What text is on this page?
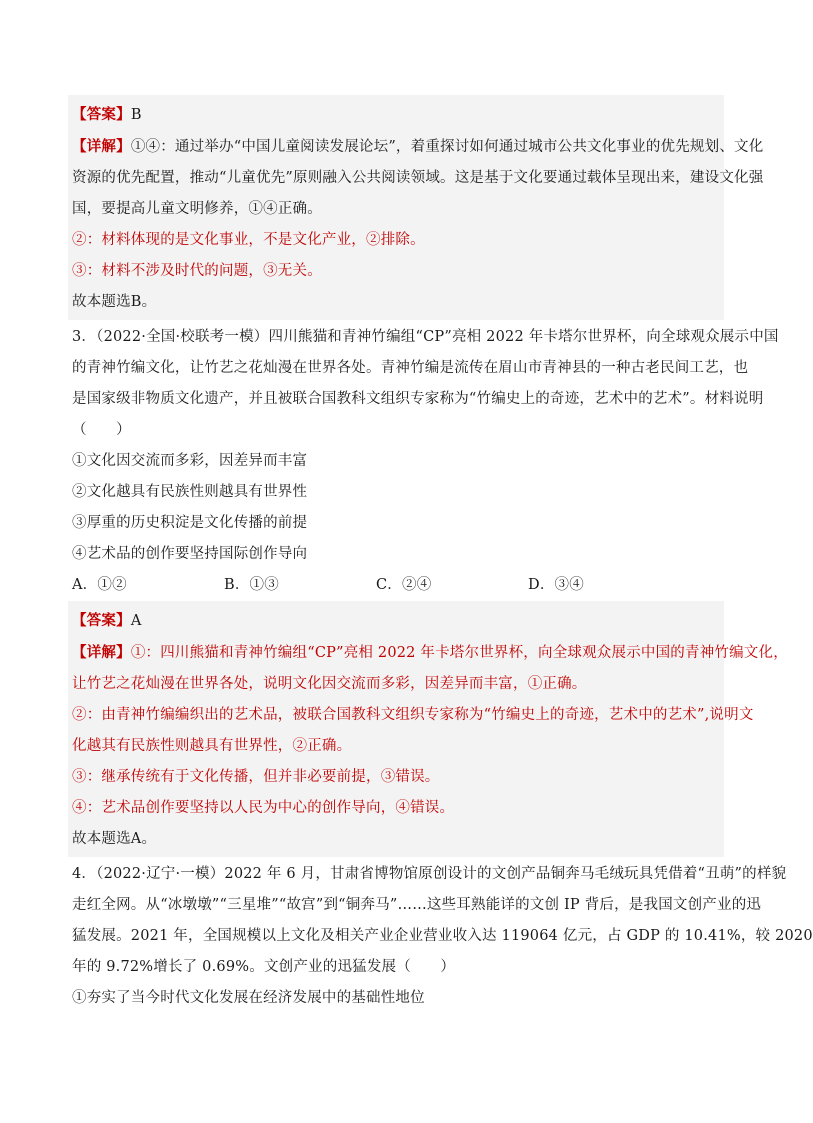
【答案】B
【详解】①④：通过举办“中国儿童阅读发展论坛”，着重探讨如何通过城市公共文化事业的优先规划、文化
资源的优先配置，推动“儿童优先”原则融入公共阅读领域。这是基于文化要通过载体呈现出来，建设文化强
国，要提高儿童文明修养，①④正确。
②：材料体现的是文化事业，不是文化产业，②排除。
③：材料不涉及时代的问题，③无关。
故本题选B。
3．（2022·全国·校联考一模）四川熊猫和青神竹编组“CP”亮相 2022 年卡塔尔世界杯，向全球观众展示中国
的青神竹编文化，让竹艺之花灿漫在世界各处。青神竹编是流传在眉山市青神县的一种古老民间工艺，也
是国家级非物质文化遗产，并且被联合国教科文组织专家称为“竹编史上的奇迹，艺术中的艺术”。材料说明
（　　）
①文化因交流而多彩，因差异而丰富
②文化越具有民族性则越具有世界性
③厚重的历史积淀是文化传播的前提
④艺术品的创作要坚持国际创作导向
A．①②	B．①③	C．②④	D．③④
【答案】A
【详解】①：四川熊猫和青神竹编组“CP”亮相 2022 年卡塔尔世界杯，向全球观众展示中国的青神竹编文化，
让竹艺之花灿漫在世界各处，说明文化因交流而多彩，因差异而丰富，①正确。
②：由青神竹编编织出的艺术品，被联合国教科文组织专家称为“竹编史上的奇迹，艺术中的艺术”,说明文
化越其有民族性则越具有世界性，②正确。
③：继承传统有于文化传播，但并非必要前提，③错误。
④：艺术品创作要坚持以人民为中心的创作导向，④错误。
故本题选A。
4．（2022·辽宁·一模）2022 年 6 月，甘肃省博物馆原创设计的文创产品铜奔马毛绒玩具凭借着“丑萌”的样貌
走红全网。从“冰墩墩”“三星堆”“故宫”到“铜奔马”……这些耳熟能详的文创 IP 背后，是我国文创产业的迅
猛发展。2021 年，全国规模以上文化及相关产业企业营业收入达 119064 亿元，占 GDP 的 10.41%，较 2020
年的 9.72%增长了 0.69%。文创产业的迅猛发展（　　）
①夯实了当今时代文化发展在经济发展中的基础性地位
